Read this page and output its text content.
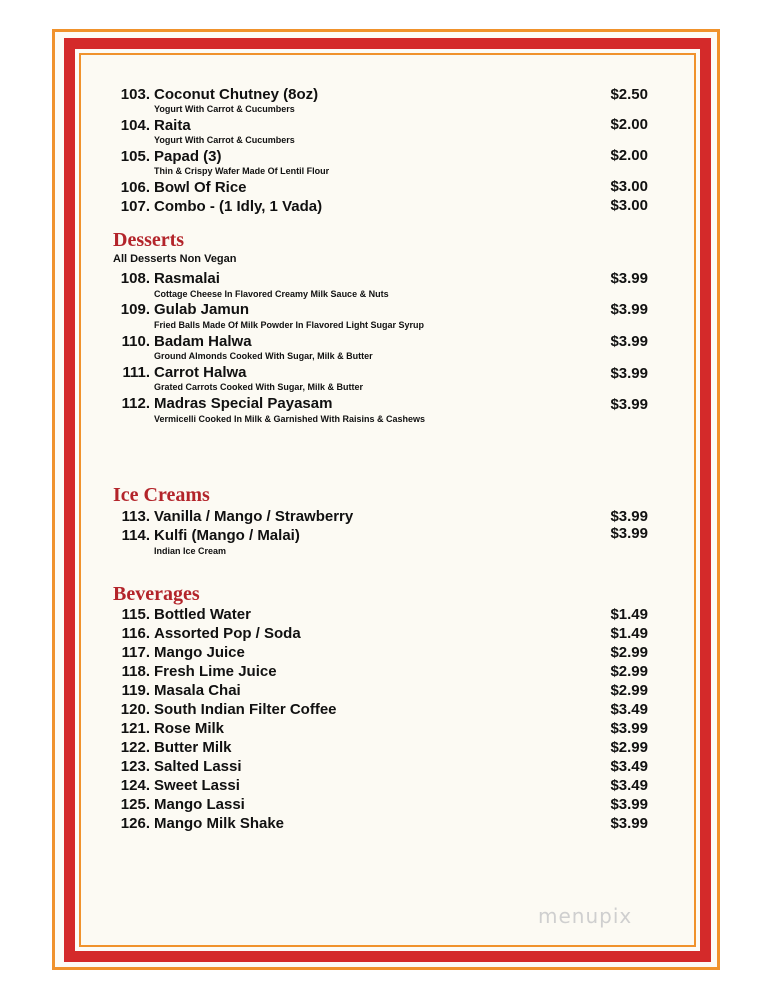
103. Coconut Chutney (8oz)	$2.50
Yogurt With Carrot & Cucumbers
104. Raita	$2.00
Yogurt With Carrot & Cucumbers
105. Papad (3)	$2.00
Thin & Crispy Wafer Made Of Lentil Flour
106. Bowl Of Rice	$3.00
107. Combo - (1 Idly, 1 Vada)	$3.00
Desserts
All Desserts Non Vegan
108. Rasmalai	$3.99
Cottage Cheese In Flavored Creamy Milk Sauce & Nuts
109. Gulab Jamun	$3.99
Fried Balls Made Of Milk Powder In Flavored Light Sugar Syrup
110. Badam Halwa	$3.99
Ground Almonds Cooked With Sugar, Milk & Butter
111. Carrot Halwa	$3.99
Grated Carrots Cooked With Sugar, Milk & Butter
112. Madras Special Payasam	$3.99
Vermicelli Cooked In Milk & Garnished With Raisins & Cashews
Ice Creams
113. Vanilla / Mango / Strawberry	$3.99
114. Kulfi (Mango / Malai)	$3.99
Indian Ice Cream
Beverages
115. Bottled Water	$1.49
116. Assorted Pop / Soda	$1.49
117. Mango Juice	$2.99
118. Fresh Lime Juice	$2.99
119. Masala Chai	$2.99
120. South Indian Filter Coffee	$3.49
121. Rose Milk	$3.99
122. Butter Milk	$2.99
123. Salted Lassi	$3.49
124. Sweet Lassi	$3.49
125. Mango Lassi	$3.99
126. Mango Milk Shake	$3.99
menupix
